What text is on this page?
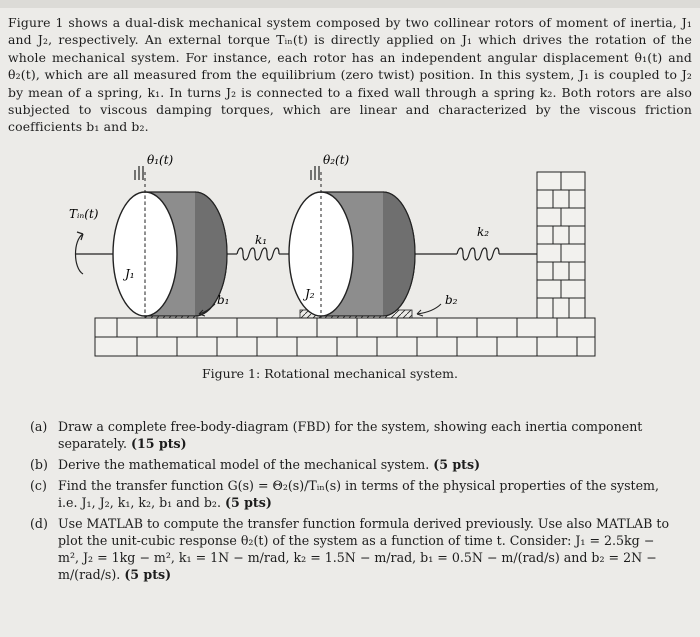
Figure 1 shows a dual-disk mechanical system composed by two collinear rotors of moment of inertia, J₁ and J₂, respectively. An external torque Tᵢₙ(t) is directly applied on J₁ which drives the rotation of the whole mechanical system. For instance, each rotor has an independent angular displacement θ₁(t) and θ₂(t), which are all measured from the equilibrium (zero twist) position. In this system, J₁ is coupled to J₂ by mean of a spring, k₁. In turns J₂ is connected to a fixed wall through a spring k₂. Both rotors are also subjected to viscous damping torques, which are linear and characterized by the viscous friction coefficients b₁ and b₂.

θ₁(t)	θ₂(t)
Tᵢₙ(t)
J₁
J₂
k₁
k₂
b₁	b₂
Figure 1: Rotational mechanical system.
(a) Draw a complete free-body-diagram (FBD) for the system, showing each inertia component separately. (15 pts)

(b) Derive the mathematical model of the mechanical system. (5 pts)

(c) Find the transfer function G(s) = Θ₂(s)/Tᵢₙ(s) in terms of the physical properties of the system, i.e. J₁, J₂, k₁, k₂, b₁ and b₂. (5 pts)

(d) Use MATLAB to compute the transfer function formula derived previously. Use also MATLAB to plot the unit-cubic response θ₂(t) of the system as a function of time t. Consider: J₁ = 2.5kg − m², J₂ = 1kg − m², k₁ = 1N − m/rad, k₂ = 1.5N − m/rad, b₁ = 0.5N − m/(rad/s) and b₂ = 2N − m/(rad/s). (5 pts)
